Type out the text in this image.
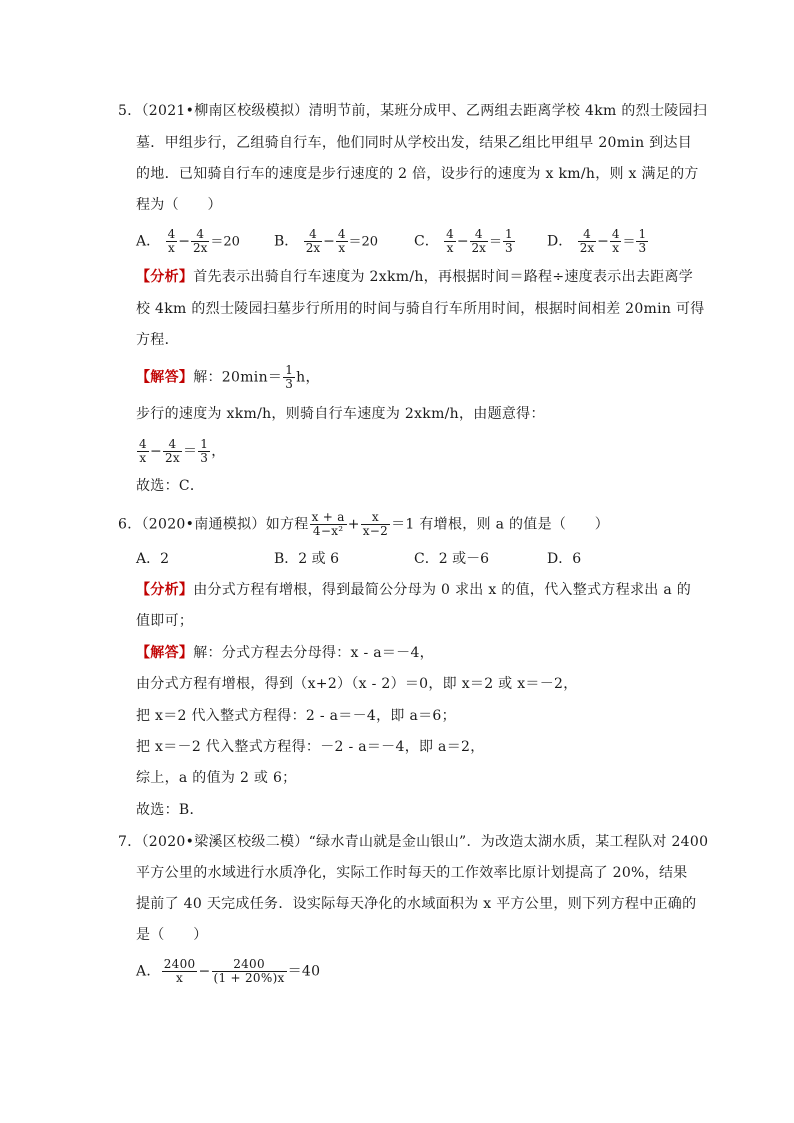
5．（2021•柳南区校级模拟）清明节前，某班分成甲、乙两组去距离学校 4km 的烈士陵园扫
墓．甲组步行，乙组骑自行车，他们同时从学校出发，结果乙组比甲组早 20min 到达目
的地．已知骑自行车的速度是步行速度的 2 倍，设步行的速度为 x km/h，则 x 满足的方
程为（　　）
A． $\frac{4}{x} - \frac{4}{2x} =20$ B． $\frac{4}{2x} - \frac{4}{x} =20$	C． $\frac{4}{x} - \frac{4}{2x} = \frac{1}{3}$ D． $\frac{4}{2x} - \frac{4}{x} = \frac{1}{3}$
【分析】首先表示出骑自行车速度为 2xkm/h，再根据时间＝路程÷速度表示出去距离学
校 4km 的烈士陵园扫墓步行所用的时间与骑自行车所用时间，根据时间相差 20min 可得
方程．
【解答】解：$20\min= \frac{1}{3}$ h，
步行的速度为 xkm/h，则骑自行车速度为 2xkm/h，由题意得：
$\frac{4}{x} - \frac{4}{2x} = \frac{1}{3}$ ，
故选：C．
6．（2020•南通模拟）如方程 $\frac{x + a}{\text{4−x²}} + \frac{x}{x-2} =1$ 有增根，则 a 的值是（　　）
A．2	B．2 或 6	C．2 或－6	D．6
【分析】由分式方程有增根，得到最简公分母为 0 求出 x 的值，代入整式方程求出 a 的
值即可；
【解答】解：分式方程去分母得：x - a＝－4，
由分式方程有增根，得到（x+2）（x - 2）＝0，即 x＝2 或 x＝－2，
把 x＝2 代入整式方程得：2 - a＝－4，即 a＝6；
把 x＝－2 代入整式方程得：－2 - a＝－4，即 a＝2，
综上，a 的值为 2 或 6；
故选：B．
7．（2020•梁溪区校级二模）“绿水青山就是金山银山”．为改造太湖水质，某工程队对 2400
平方公里的水域进行水质净化，实际工作时每天的工作效率比原计划提高了 20%，结果
提前了 40 天完成任务．设实际每天净化的水域面积为 x 平方公里，则下列方程中正确的
是（　　）
A． $\frac{2400}{x} - \frac{2400}{(1 + 20\%)x} =40$
